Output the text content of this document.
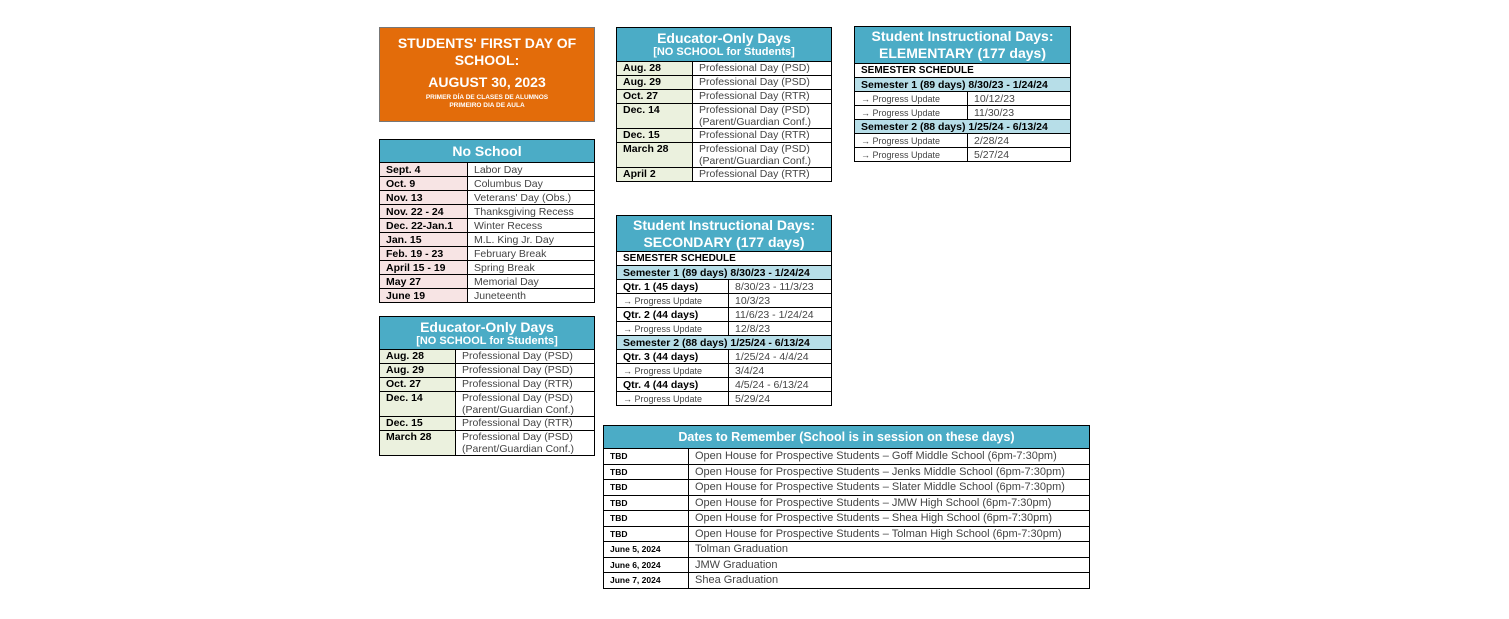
STUDENTS' FIRST DAY OF SCHOOL:
AUGUST 30, 2023
PRIMER DÍA DE CLASES DE ALUMNOS
PRIMEIRO DIA DE AULA
No School
Sept. 4	Labor Day
Oct. 9	Columbus Day
Nov. 13	Veterans' Day (Obs.)
Nov. 22 - 24	Thanksgiving Recess
Dec. 22-Jan.1	Winter Recess
Jan. 15	M.L. King Jr. Day
Feb. 19 - 23	February Break
April 15 - 19	Spring Break
May 27	Memorial Day
June 19	Juneteenth
Educator-Only Days
[NO SCHOOL for Students]
Aug. 28	Professional Day (PSD)

Aug. 29	Professional Day (PSD)

Oct. 27	Professional Day (RTR)

Dec. 14	Professional Day (PSD)
(Parent/Guardian Conf.)

Dec. 15	Professional Day (RTR)

March 28	Professional Day (PSD)
(Parent/Guardian Conf.)
Educator-Only Days
[NO SCHOOL for Students]
Aug. 28	Professional Day (PSD)

Aug. 29	Professional Day (PSD)

Oct. 27	Professional Day (RTR)

Dec. 14	Professional Day (PSD)
(Parent/Guardian Conf.)

Dec. 15	Professional Day (RTR)

March 28	Professional Day (PSD)
(Parent/Guardian Conf.)

April 2	Professional Day (RTR)
Student Instructional Days:
ELEMENTARY (177 days)
SEMESTER SCHEDULE	
Semester 1 (89 days) 8/30/23 - 1/24/24	
→ Progress Update	10/12/23
→ Progress Update	11/30/23
Semester 2 (88 days) 1/25/24 - 6/13/24	
→ Progress Update	2/28/24
→ Progress Update	5/27/24
Student Instructional Days:
SECONDARY (177 days)
SEMESTER SCHEDULE	
Semester 1 (89 days) 8/30/23 - 1/24/24	
Qtr. 1 (45 days)	8/30/23 - 11/3/23
→ Progress Update	10/3/23
Qtr. 2 (44 days)	11/6/23 - 1/24/24
→ Progress Update	12/8/23
Semester 2 (88 days) 1/25/24 - 6/13/24	
Qtr. 3 (44 days)	1/25/24 - 4/4/24
→ Progress Update	3/4/24
Qtr. 4 (44 days)	4/5/24 - 6/13/24
→ Progress Update	5/29/24
Dates to Remember (School is in session on these days)
TBD	Open House for Prospective Students – Goff Middle School (6pm-7:30pm)
TBD	Open House for Prospective Students – Jenks Middle School (6pm-7:30pm)
TBD	Open House for Prospective Students – Slater Middle School (6pm-7:30pm)
TBD	Open House for Prospective Students – JMW High School (6pm-7:30pm)
TBD	Open House for Prospective Students – Shea High School (6pm-7:30pm)
TBD	Open House for Prospective Students – Tolman High School (6pm-7:30pm)
June 5, 2024	Tolman Graduation
June 6, 2024	JMW Graduation
June 7, 2024	Shea Graduation
